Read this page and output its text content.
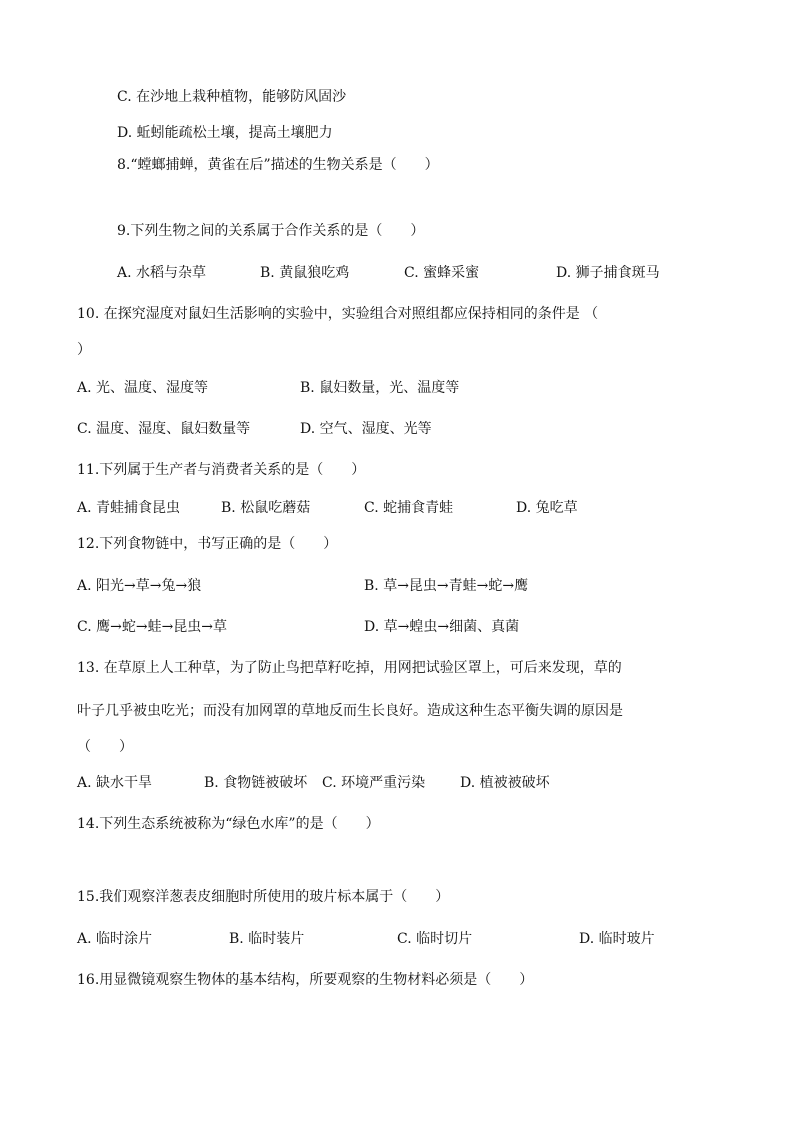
C. 在沙地上栽种植物，能够防风固沙
D. 蚯蚓能疏松土壤，提高土壤肥力
8.“螳螂捕蝉，黄雀在后”描述的生物关系是（　　）
9.下列生物之间的关系属于合作关系的是（　　）
A. 水稻与杂草	B. 黄鼠狼吃鸡	C. 蜜蜂采蜜	D. 狮子捕食斑马
10. 在探究湿度对鼠妇生活影响的实验中，实验组合对照组都应保持相同的条件是 （
）
A. 光、温度、湿度等	B. 鼠妇数量，光、温度等
C. 温度、湿度、鼠妇数量等	D. 空气、湿度、光等
11.下列属于生产者与消费者关系的是（　　）
A. 青蛙捕食昆虫	B. 松鼠吃蘑菇	C. 蛇捕食青蛙	D. 兔吃草
12.下列食物链中，书写正确的是（　　）
A. 阳光→草→兔→狼	B. 草→昆虫→青蛙→蛇→鹰
C. 鹰→蛇→蛙→昆虫→草	D. 草→蝗虫→细菌、真菌
13. 在草原上人工种草，为了防止鸟把草籽吃掉，用网把试验区罩上，可后来发现，草的
叶子几乎被虫吃光；而没有加网罩的草地反而生长良好。造成这种生态平衡失调的原因是
（　　）
A. 缺水干旱	B. 食物链被破坏 C. 环境严重污染 D. 植被被破坏
14.下列生态系统被称为“绿色水库”的是（　　）
15.我们观察洋葱表皮细胞时所使用的玻片标本属于（　　）
A. 临时涂片	B. 临时装片	C. 临时切片	D. 临时玻片
16.用显微镜观察生物体的基本结构，所要观察的生物材料必须是（　　）
